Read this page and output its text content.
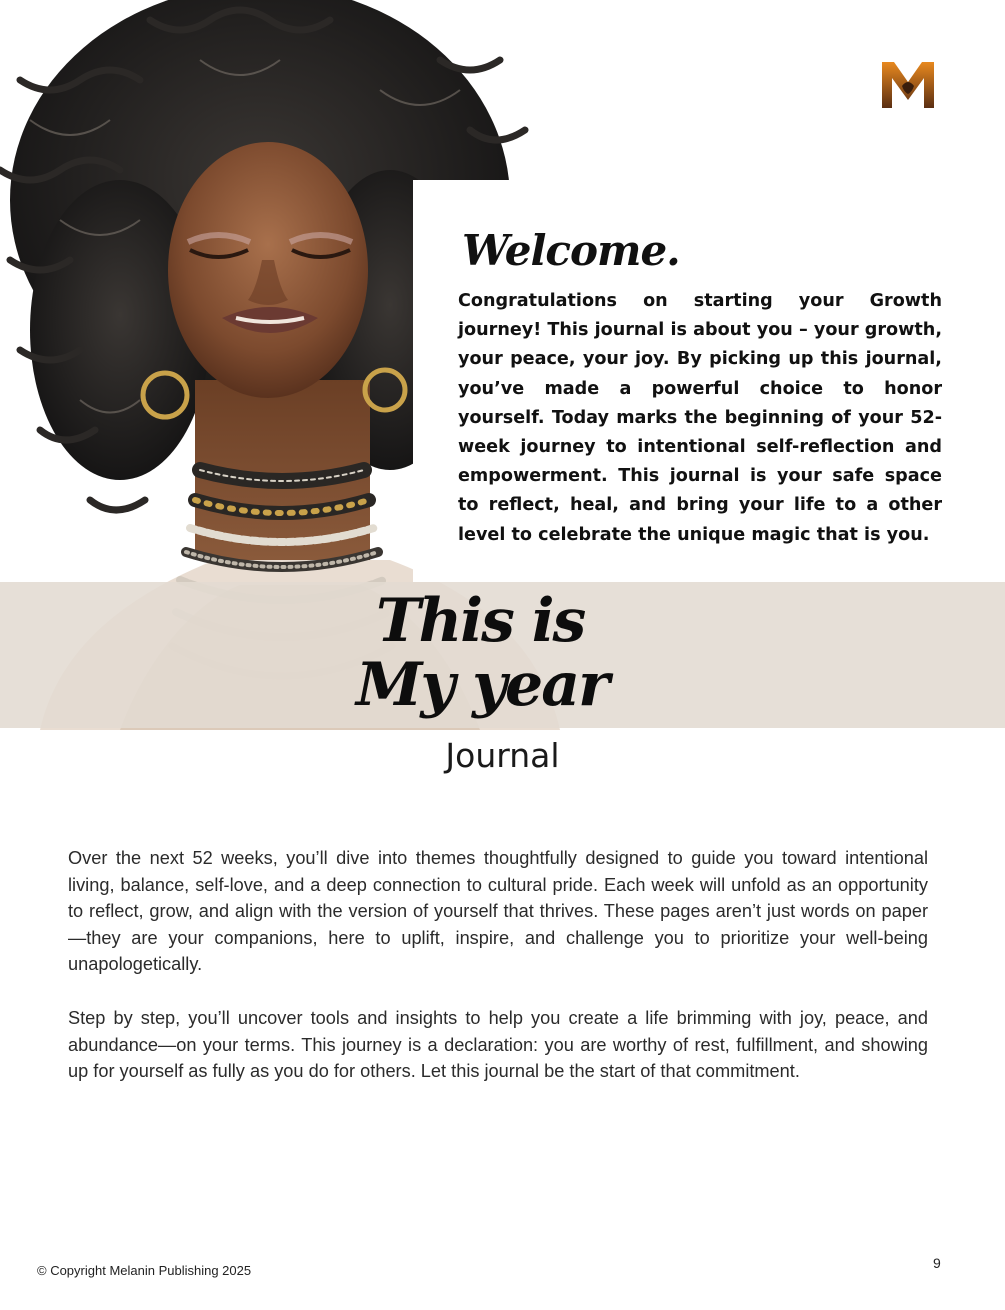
Welcome.

Congratulations on starting your Growth journey! This journal is about you – your growth, your peace, your joy. By picking up this journal, you’ve made a powerful choice to honor yourself. Today marks the beginning of your 52-week journey to intentional self-reflection and empowerment. This journal is your safe space to reflect, heal, and bring your life to a other level to celebrate the unique magic that is you.

This is
My year
Journal

Over the next 52 weeks, you’ll dive into themes thoughtfully designed to guide you toward intentional living, balance, self-love, and a deep connection to cultural pride. Each week will unfold as an opportunity to reflect, grow, and align with the version of yourself that thrives. These pages aren’t just words on paper—they are your companions, here to uplift, inspire, and challenge you to prioritize your well-being unapologetically.

Step by step, you’ll uncover tools and insights to help you create a life brimming with joy, peace, and abundance—on your terms. This journey is a declaration: you are worthy of rest, fulfillment, and showing up for yourself as fully as you do for others. Let this journal be the start of that commitment.

© Copyright Melanin Publishing 2025	9
